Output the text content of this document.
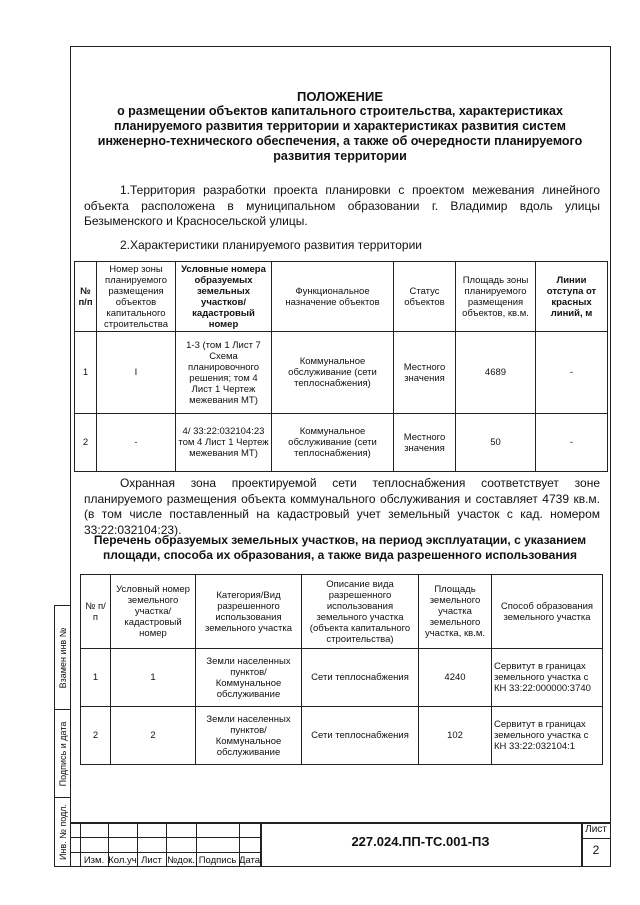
Взамен инв №
Подпись и дата
Инв. № подл.
ПОЛОЖЕНИЕ
о размещении объектов капитального строительства, характеристиках
планируемого развития территории и характеристиках развития систем
инженерно-технического обеспечения, а также об очередности планируемого
развития территории
1.Территория разработки проекта планировки с проектом межевания линейного объекта расположена в муниципальном образовании г. Владимир вдоль улицы Безыменского и Красносельской улицы.
2.Характеристики планируемого развития территории
№ п/п	Номер зоны планируемого размещения объектов капитального строительства	Условные номера образуемых земельных участков/кадастровый номер	Функциональное назначение объектов	Статус объектов	Площадь зоны планируемого размещения объектов, кв.м.	Линии отступа от красных линий, м
1	I	1-3 (том 1 Лист 7 Схема планировочного решения; том 4 Лист 1 Чертеж межевания МТ)	Коммунальное обслуживание (сети теплоснабжения)	Местного значения	4689	-
2	-	4/ 33:22:032104:23 том 4 Лист 1 Чертеж межевания МТ)	Коммунальное обслуживание (сети теплоснабжения)	Местного значения	50	-
Охранная зона проектируемой сети теплоснабжения соответствует зоне планируемого размещения объекта коммунального обслуживания и составляет 4739 кв.м. (в том числе поставленный на кадастровый учет земельный участок с кад. номером 33:22:032104:23).
Перечень образуемых земельных участков, на период эксплуатации, с указанием
площади, способа их образования, а также вида разрешенного использования
№ п/п	Условный номер земельного участка/ кадастровый номер	Категория/Вид разрешенного использования земельного участка	Описание вида разрешенного использования земельного участка (объекта капитального строительства)	Площадь земельного участка земельного участка, кв.м.	Способ образования земельного участка
1	1	Земли населенных пунктов/ Коммунальное обслуживание	Сети теплоснабжения	4240	Сервитут в границах земельного участка с КН 33:22:000000:3740
2	2	Земли населенных пунктов/ Коммунальное обслуживание	Сети теплоснабжения	102	Сервитут в границах земельного участка с КН 33:22:032104:1
Изм. Кол.уч Лист №док. Подпись Дата
227.024.ПП-ТС.001-ПЗ
Лист
2
